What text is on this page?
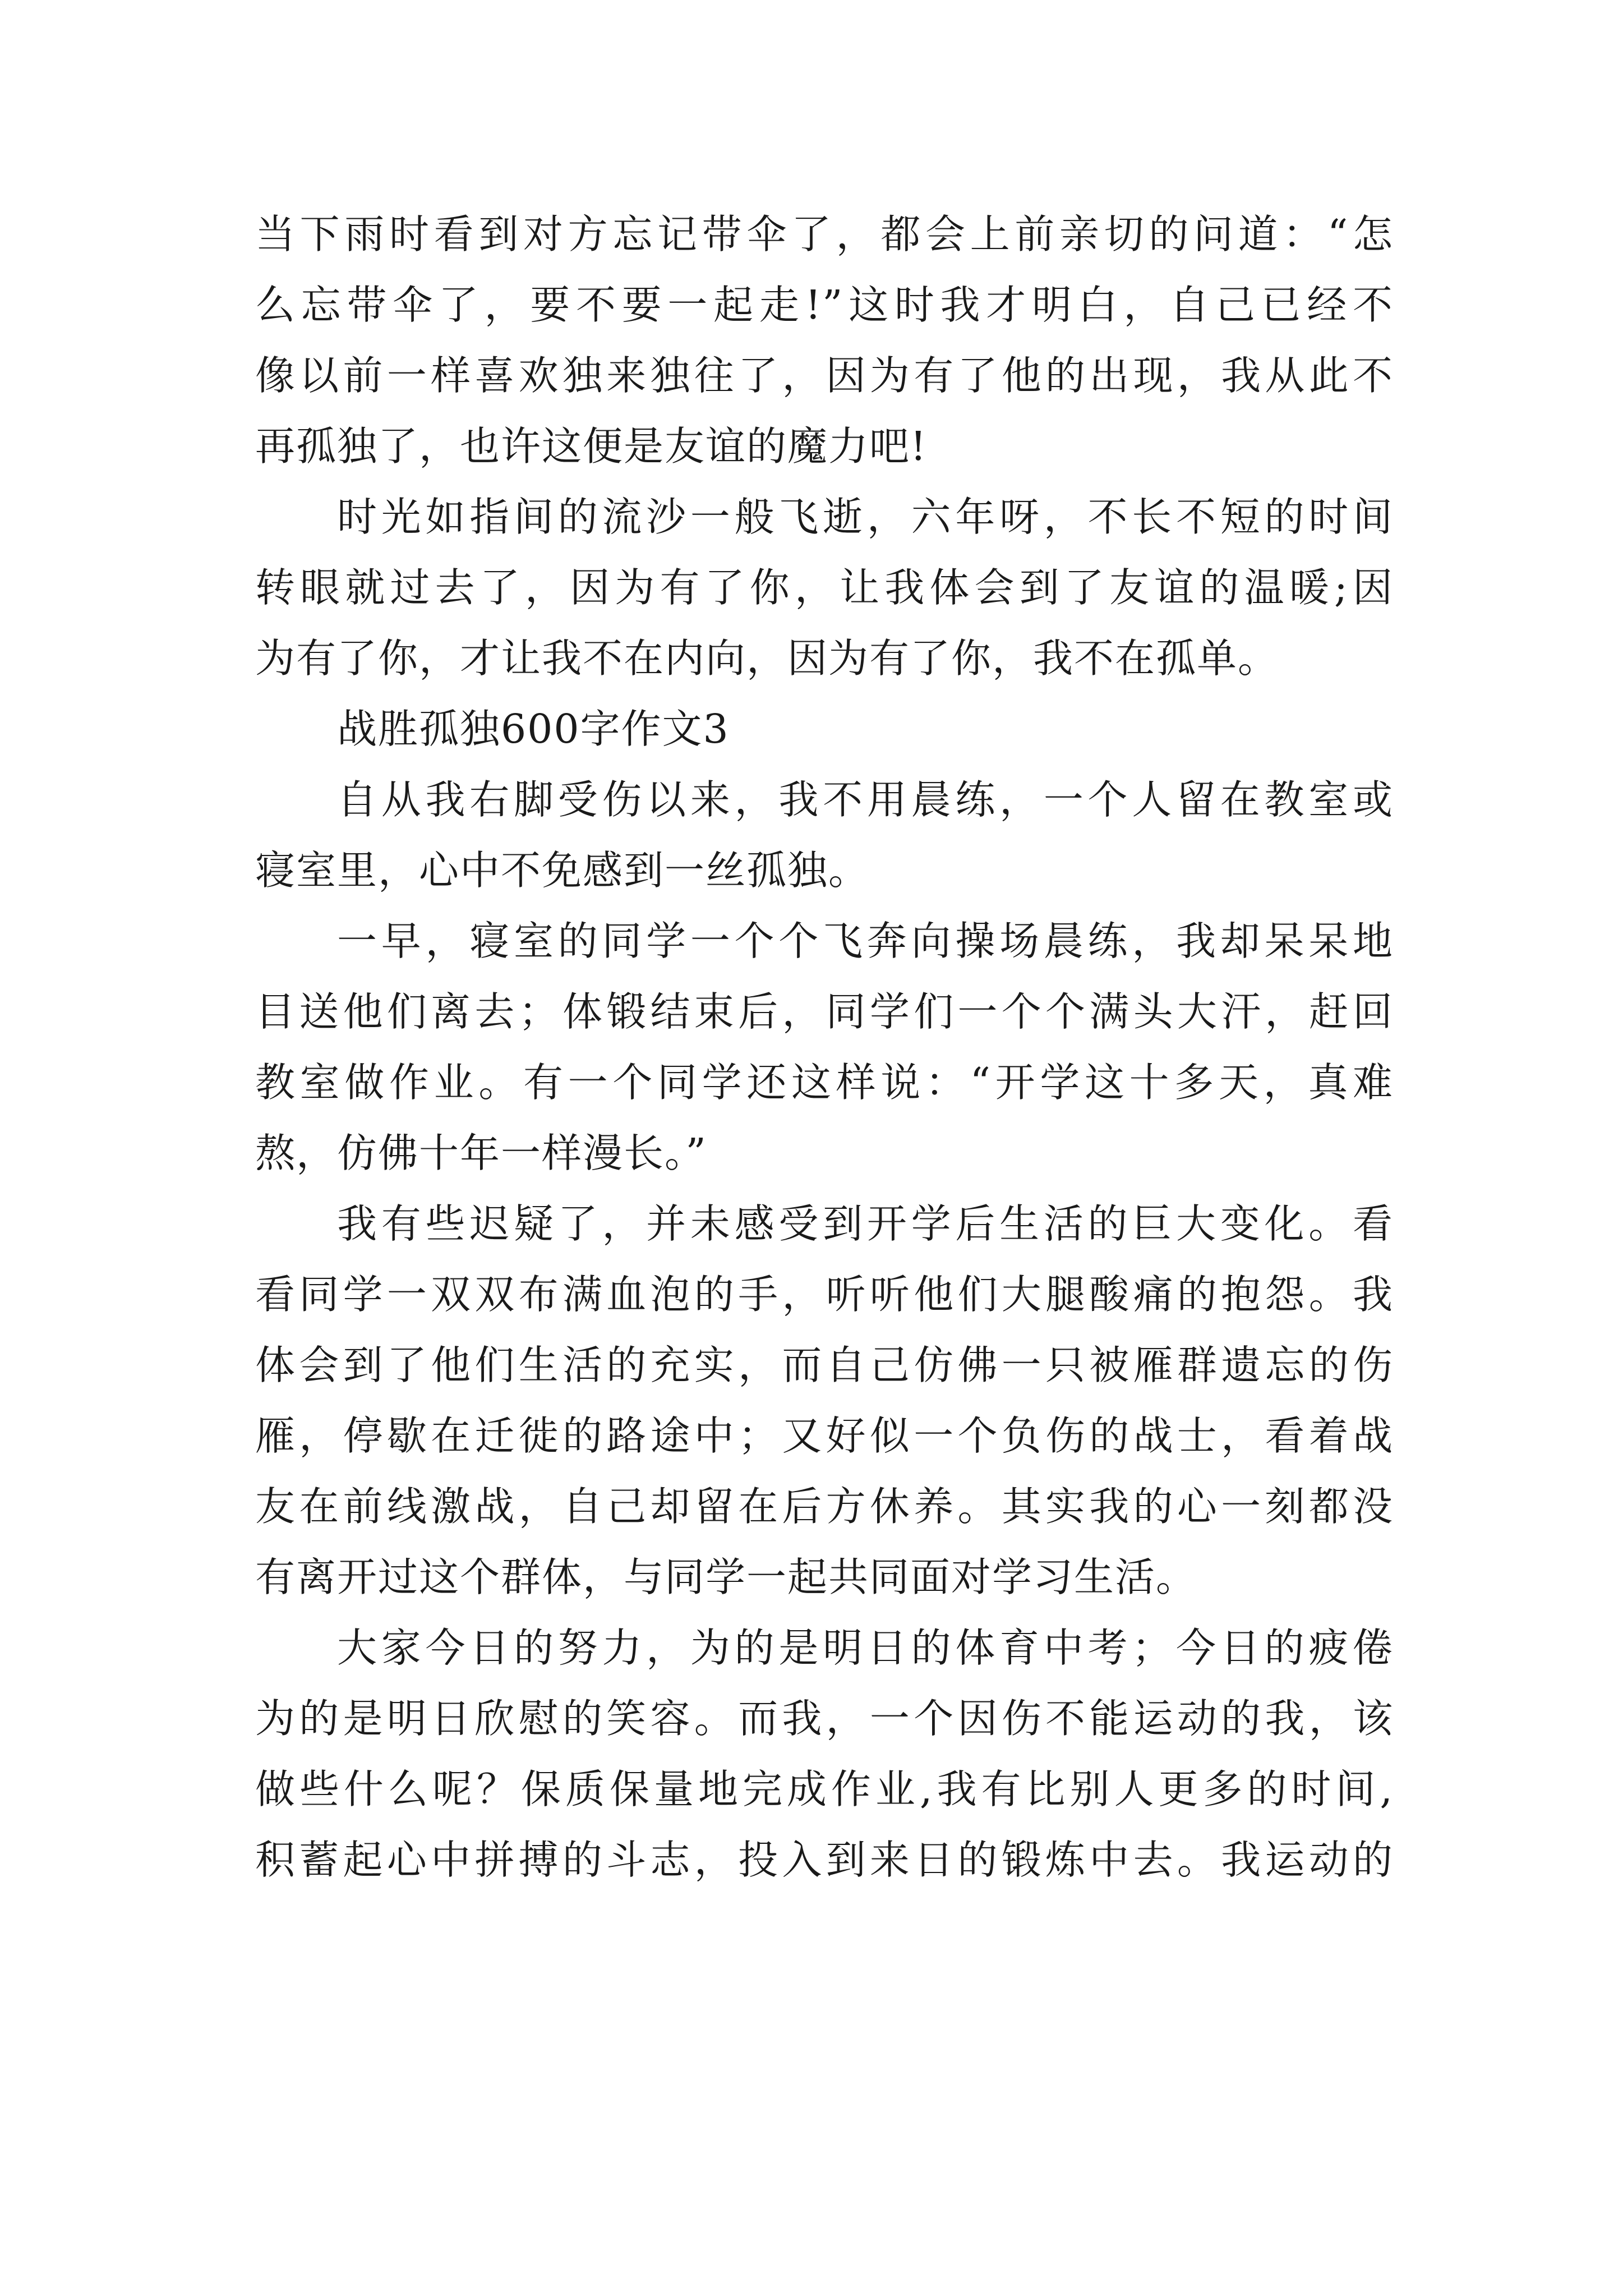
当下雨时看到对方忘记带伞了，都会上前亲切的问道：“怎
么忘带伞了，要不要一起走!”这时我才明白，自己已经不
像以前一样喜欢独来独往了，因为有了他的出现，我从此不
再孤独了，也许这便是友谊的魔力吧!
时光如指间的流沙一般飞逝，六年呀，不长不短的时间
转眼就过去了，因为有了你，让我体会到了友谊的温暖;因
为有了你，才让我不在内向，因为有了你，我不在孤单。
战胜孤独600字作文3
自从我右脚受伤以来，我不用晨练，一个人留在教室或
寝室里，心中不免感到一丝孤独。
一早，寝室的同学一个个飞奔向操场晨练，我却呆呆地
目送他们离去；体锻结束后，同学们一个个满头大汗，赶回
教室做作业。有一个同学还这样说：“开学这十多天，真难
熬，仿佛十年一样漫长。”
我有些迟疑了，并未感受到开学后生活的巨大变化。看
看同学一双双布满血泡的手，听听他们大腿酸痛的抱怨。我
体会到了他们生活的充实，而自己仿佛一只被雁群遗忘的伤
雁，停歇在迁徙的路途中；又好似一个负伤的战士，看着战
友在前线激战，自己却留在后方休养。其实我的心一刻都没
有离开过这个群体，与同学一起共同面对学习生活。
大家今日的努力，为的是明日的体育中考；今日的疲倦
为的是明日欣慰的笑容。而我，一个因伤不能运动的我，该
做些什么呢？保质保量地完成作业,我有比别人更多的时间,
积蓄起心中拼搏的斗志，投入到来日的锻炼中去。我运动的
